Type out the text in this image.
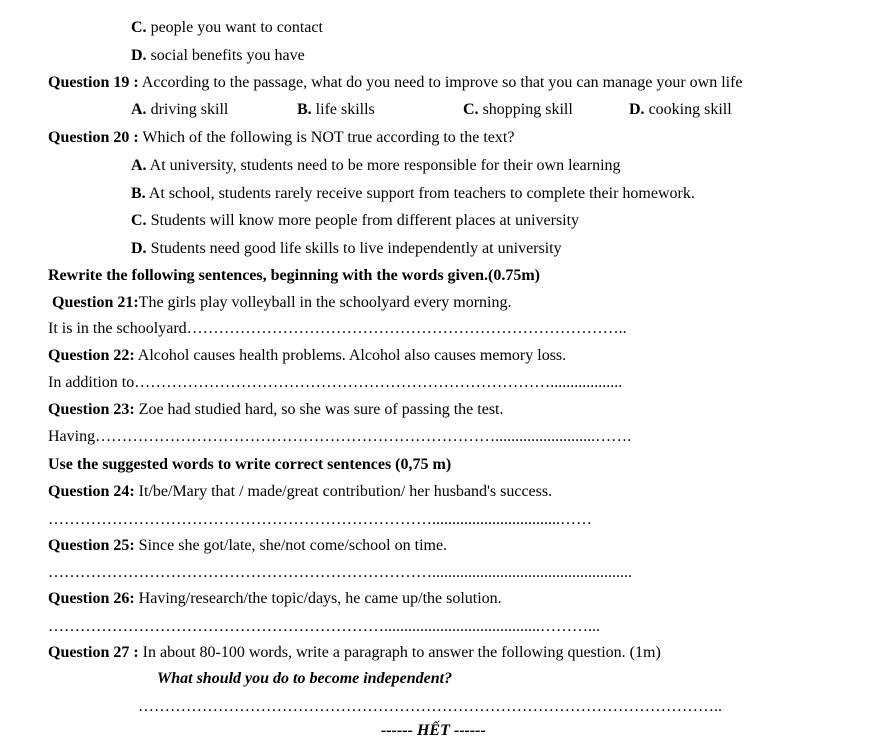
C. people you want to contact
D. social benefits you have
Question 19 : According to the passage, what do you need to improve so that you can manage your own life
A. driving skill	B. life skills	C. shopping skill	D. cooking skill
Question 20 : Which of the following is NOT true according to the text?
A. At university, students need to be more responsible for their own learning
B. At school, students rarely receive support from teachers to complete their homework.
C. Students will know more people from different places at university
D. Students need good life skills to live independently at university
Rewrite the following sentences, beginning with the words given.(0.75m)
Question 21:The girls play volleyball in the schoolyard every morning.
It is in the schoolyard………………………………………………………………………..
Question 22: Alcohol causes health problems. Alcohol also causes memory loss.
In addition to……………………………………………………………………..................
Question 23: Zoe had studied hard, so she was sure of passing the test.
Having………………………………………………………………….........................…….
Use the suggested words to write correct sentences (0,75 m)
Question 24: It/be/Mary that / made/great contribution/ her husband's success.
………………………………………………………………................................……
Question 25: Since she got/late, she/not come/school on time.
………………………………………………………………..................................................
Question 26: Having/research/the topic/days, he came up/the solution.
……………………………………………………….......................................………...
Question 27 : In about 80-100 words, write a paragraph to answer the following question. (1m)
What should you do to become independent?
………………………………………………………………………………………………..
------ HẾT ------
